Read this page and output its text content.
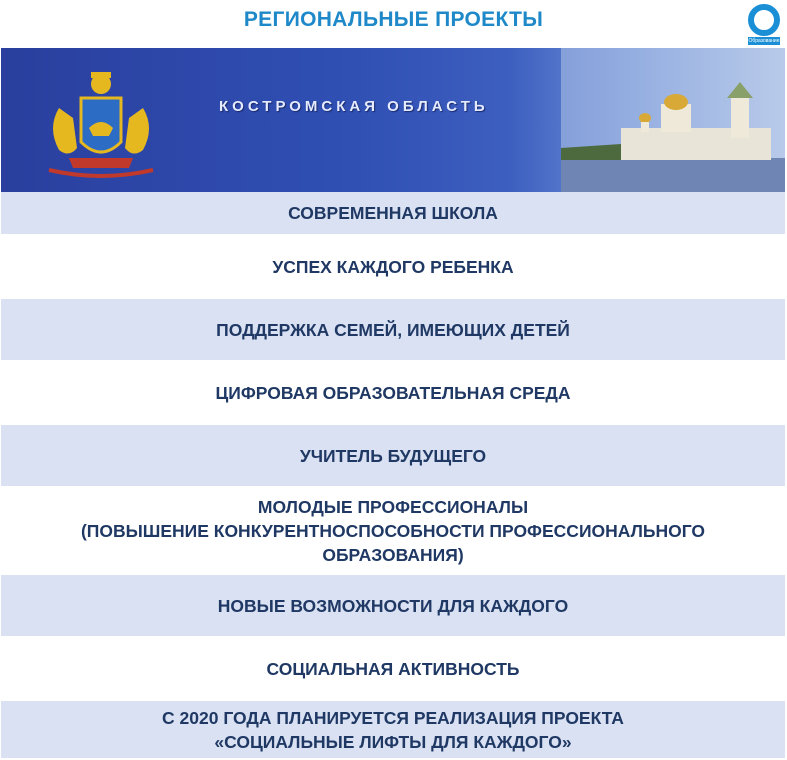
РЕГИОНАЛЬНЫЕ ПРОЕКТЫ
Образование
КОСТРОМСКАЯ ОБЛАСТЬ
СОВРЕМЕННАЯ ШКОЛА
УСПЕХ КАЖДОГО РЕБЕНКА
ПОДДЕРЖКА СЕМЕЙ, ИМЕЮЩИХ ДЕТЕЙ
ЦИФРОВАЯ ОБРАЗОВАТЕЛЬНАЯ СРЕДА
УЧИТЕЛЬ БУДУЩЕГО
МОЛОДЫЕ ПРОФЕССИОНАЛЫ
(ПОВЫШЕНИЕ КОНКУРЕНТНОСПОСОБНОСТИ ПРОФЕССИОНАЛЬНОГО
ОБРАЗОВАНИЯ)
НОВЫЕ ВОЗМОЖНОСТИ ДЛЯ КАЖДОГО
СОЦИАЛЬНАЯ АКТИВНОСТЬ
С 2020 ГОДА ПЛАНИРУЕТСЯ РЕАЛИЗАЦИЯ ПРОЕКТА
«СОЦИАЛЬНЫЕ ЛИФТЫ ДЛЯ КАЖДОГО»
